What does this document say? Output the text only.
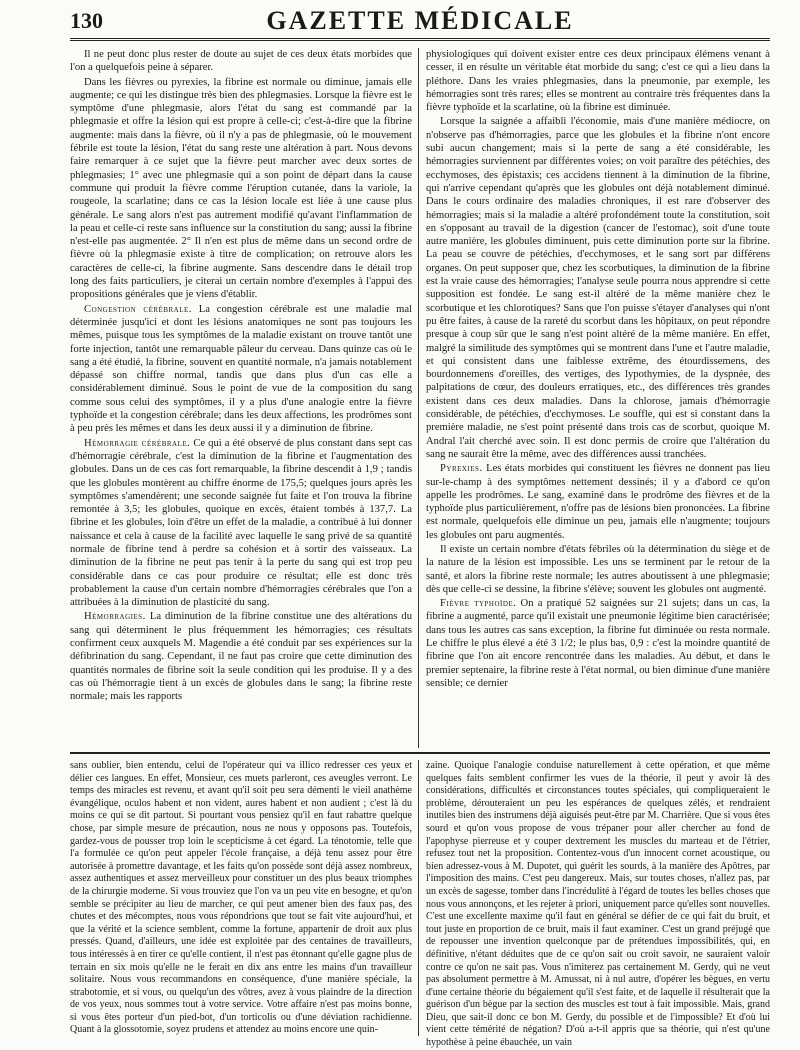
130	GAZETTE MÉDICALE

Il ne peut donc plus rester de doute au sujet de ces deux états morbides que l'on a quelquefois peine à séparer.

Dans les fièvres ou pyrexies, la fibrine est normale ou diminue, jamais elle augmente; ce qui les distingue très bien des phlegmasies. Lorsque la fièvre est le symptôme d'une phlegmasie, alors l'état du sang est commandé par la phlegmasie et offre la lésion qui est propre à celle-ci; c'est-à-dire que la fibrine augmente: mais dans la fièvre, où il n'y a pas de phlegmasie, où le mouvement fébrile est toute la lésion, l'état du sang reste une altération à part. Nous devons faire remarquer à ce sujet que la fièvre peut marcher avec deux sortes de phlegmasies; 1° avec une phlegmasie qui a son point de départ dans la cause commune qui produit la fièvre comme l'éruption cutanée, dans la variole, la rougeole, la scarlatine; dans ce cas la lésion locale est liée à une cause plus générale. Le sang alors n'est pas autrement modifié qu'avant l'inflammation de la peau et celle-ci reste sans influence sur la constitution du sang; aussi la fibrine n'est-elle pas augmentée. 2° Il n'en est plus de même dans un second ordre de fièvre où la phlegmasie existe à titre de complication; on retrouve alors les caractères de celle-ci, la fibrine augmente. Sans descendre dans le détail trop long des faits particuliers, je citerai un certain nombre d'exemples à l'appui des propositions générales que je viens d'établir.

Congestion cérébrale. La congestion cérébrale est une maladie mal déterminée jusqu'ici et dont les lésions anatomiques ne sont pas toujours les mêmes, puisque tous les symptômes de la maladie existant on trouve tantôt une forte injection, tantôt une remarquable pâleur du cerveau. Dans quinze cas où le sang a été étudié, la fibrine, souvent en quantité normale, n'a jamais notablement dépassé son chiffre normal, tandis que dans plus d'un cas elle a considérablement diminué. Sous le point de vue de la composition du sang comme sous celui des symptômes, il y a plus d'une analogie entre la fièvre typhoïde et la congestion cérébrale; dans les deux affections, les prodrômes sont à peu près les mêmes et dans les deux aussi il y a diminution de fibrine.

Hémorragie cérébrale. Ce qui a été observé de plus constant dans sept cas d'hémorragie cérébrale, c'est la diminution de la fibrine et l'augmentation des globules. Dans un de ces cas fort remarquable, la fibrine descendit à 1,9 ; tandis que les globules montèrent au chiffre énorme de 175,5; quelques jours après les symptômes s'amendèrent; une seconde saignée fut faite et l'on trouva la fibrine remontée à 3,5; les globules, quoique en excès, étaient tombés à 137,7. La fibrine et les globules, loin d'être un effet de la maladie, a contribué à lui donner naissance et cela à cause de la facilité avec laquelle le sang privé de sa quantité normale de fibrine tend à perdre sa cohésion et à sortir des vaisseaux. La diminution de la fibrine ne peut pas tenir à la perte du sang qui est trop peu considérable dans ce cas pour produire ce résultat; elle est donc très probablement la cause d'un certain nombre d'hémorragies cérébrales que l'on a attribuées à la diminution de plasticité du sang.

Hémorragies. La diminution de la fibrine constitue une des altérations du sang qui déterminent le plus fréquemment les hémorragies; ces résultats confirment ceux auxquels M. Magendie a été conduit par ses expériences sur la défibrination du sang. Cependant, il ne faut pas croire que cette diminution des quantités normales de fibrine soit la seule condition qui les produise. Il y a des cas où l'hémorragie tient à un excès de globules dans le sang; la fibrine reste normale; mais les rapports

physiologiques qui doivent exister entre ces deux principaux élémens venant à cesser, il en résulte un véritable état morbide du sang; c'est ce qui a lieu dans la pléthore. Dans les vraies phlegmasies, dans la pneumonie, par exemple, les hémorragies sont très rares; elles se montrent au contraire très fréquentes dans la fièvre typhoïde et la scarlatine, où la fibrine est diminuée.

Lorsque la saignée a affaibli l'économie, mais d'une manière médiocre, on n'observe pas d'hémorragies, parce que les globules et la fibrine n'ont encore subi aucun changement; mais si la perte de sang a été considérable, les hémorragies surviennent par différentes voies; on voit paraître des pétéchies, des ecchymoses, des épistaxis; ces accidens tiennent à la diminution de la fibrine, qui n'arrive cependant qu'après que les globules ont déjà notablement diminué. Dans le cours ordinaire des maladies chroniques, il est rare d'observer des hémorragies; mais si la maladie a altéré profondément toute la constitution, soit en s'opposant au travail de la digestion (cancer de l'estomac), soit d'une toute autre manière, les globules diminuent, puis cette diminution porte sur la fibrine. La peau se couvre de pétéchies, d'ecchymoses, et le sang sort par différens organes. On peut supposer que, chez les scorbutiques, la diminution de la fibrine est la vraie cause des hémorragies; l'analyse seule pourra nous apprendre si cette supposition est fondée. Le sang est-il altéré de la même manière chez le scorbutique et les chlorotiques? Sans que l'on puisse s'étayer d'analyses qui n'ont pu être faites, à cause de la rareté du scorbut dans les hôpitaux, on peut répondre presque à coup sûr que le sang n'est point altéré de la même manière. En effet, malgré la similitude des symptômes qui se montrent dans l'une et l'autre maladie, et qui consistent dans une faiblesse extrême, des étourdissemens, des bourdonnemens d'oreilles, des vertiges, des lypothymies, de la dyspnée, des palpitations de cœur, des douleurs erratiques, etc., des différences très grandes existent dans ces deux maladies. Dans la chlorose, jamais d'hémorragie considérable, de pétéchies, d'ecchymoses. Le souffle, qui est si constant dans la première maladie, ne s'est point présenté dans trois cas de scorbut, quoique M. Andral l'ait cherché avec soin. Il est donc permis de croire que l'altération du sang ne saurait être la même, avec des différences aussi tranchées.

Pyrexies. Les états morbides qui constituent les fièvres ne donnent pas lieu sur-le-champ à des symptômes nettement dessinés; il y a d'abord ce qu'on appelle les prodrômes. Le sang, examiné dans le prodrôme des fièvres et de la typhoïde plus particulièrement, n'offre pas de lésions bien prononcées. La fibrine est normale, quelquefois elle diminue un peu, jamais elle n'augmente; toujours les globules ont paru augmentés.

Il existe un certain nombre d'états fébriles où la détermination du siège et de la nature de la lésion est impossible. Les uns se terminent par le retour de la santé, et alors la fibrine reste normale; les autres aboutissent à une phlegmasie; dès que celle-ci se dessine, la fibrine s'élève; souvent les globules ont augmenté.

Fièvre typhoïde. On a pratiqué 52 saignées sur 21 sujets; dans un cas, la fibrine a augmenté, parce qu'il existait une pneumonie légitime bien caractérisée; dans tous les autres cas sans exception, la fibrine fut diminuée ou resta normale. Le chiffre le plus élevé a été 3 1/2; le plus bas, 0,9 : c'est la moindre quantité de fibrine que l'on ait encore rencontrée dans les maladies. Au début, et dans le premier septenaire, la fibrine reste à l'état normal, ou bien diminue d'une manière sensible; ce dernier

sans oublier, bien entendu, celui de l'opérateur qui va illico redresser ces yeux et délier ces langues. En effet, Monsieur, ces muets parleront, ces aveugles verront. Le temps des miracles est revenu, et avant qu'il soit peu sera démenti le vieil anathème évangélique, oculos habent et non vident, aures habent et non audient ; c'est là du moins ce qui se dit partout. Si pourtant vous pensiez qu'il en faut rabattre quelque chose, par simple mesure de précaution, nous ne nous y opposons pas. Toutefois, gardez-vous de pousser trop loin le scepticisme à cet égard. La ténotomie, telle que l'a formulée ce qu'on peut appeler l'école française, a déjà tenu assez pour être autorisée à promettre davantage, et les faits qu'on possède sont déjà assez nombreux, assez authentiques et assez merveilleux pour constituer un des plus beaux triomphes de la chirurgie moderne. Si vous trouviez que l'on va un peu vite en besogne, et qu'on semble se précipiter au lieu de marcher, ce qui peut amener bien des faux pas, des chutes et des mécomptes, nous vous répondrions que tout se fait vite aujourd'hui, et que la vérité et la science semblent, comme la fortune, appartenir de droit aux plus pressés. Quand, d'ailleurs, une idée est exploitée par des centaines de travailleurs, tous intéressés à en tirer ce qu'elle contient, il n'est pas étonnant qu'elle gagne plus de terrain en six mois qu'elle ne le ferait en dix ans entre les mains d'un travailleur solitaire. Nous vous recommandons en conséquence, d'une manière spéciale, la strabotomie, et si vous, ou quelqu'un des vôtres, avez à vous plaindre de la direction de vos yeux, nous sommes tout à votre service. Votre affaire n'est pas moins bonne, si vous êtes porteur d'un pied-bot, d'un torticolis ou d'une déviation rachidienne. Quant à la glossotomie, soyez prudens et attendez au moins encore une quin-

zaine. Quoique l'analogie conduise naturellement à cette opération, et que même quelques faits semblent confirmer les vues de la théorie, il peut y avoir là des considérations, difficultés et circonstances toutes spéciales, qui compliqueraient le problème, dérouteraient un peu les espérances de quelques zélés, et rendraient inutiles bien des instrumens déjà aiguisés peut-être par M. Charrière. Que si vous êtes sourd et qu'on vous propose de vous trépaner pour aller chercher au fond de l'apophyse pierreuse et y couper dextrement les muscles du marteau et de l'étrier, refusez tout net la proposition. Contentez-vous d'un innocent cornet acoustique, ou bien adressez-vous à M. Dupotet, qui guérit les sourds, à la manière des Apôtres, par l'imposition des mains. C'est peu dangereux. Mais, sur toutes choses, n'allez pas, par un excès de sagesse, tomber dans l'incrédulité à l'égard de toutes les belles choses que nous vous annonçons, et les rejeter à priori, uniquement parce qu'elles sont nouvelles. C'est une excellente maxime qu'il faut en général se défier de ce qui fait du bruit, et tout juste en proportion de ce bruit, mais il faut examiner. C'est un grand préjugé que de repousser une invention quelconque par de prétendues impossibilités, qui, en définitive, n'étant déduites que de ce qu'on sait ou croit savoir, ne sauraient valoir contre ce qu'on ne sait pas. Vous n'imiterez pas certainement M. Gerdy, qui ne veut pas absolument permettre à M. Amussat, ni à nul autre, d'opérer les bègues, en vertu d'une certaine théorie du bégaiement qu'il s'est faite, et de laquelle il résulterait que la guérison d'un bègue par la section des muscles est tout à fait impossible. Mais, grand Dieu, que sait-il donc ce bon M. Gerdy, du possible et de l'impossible? Et d'où lui vient cette témérité de négation? D'où a-t-il appris que sa théorie, qui n'est qu'une hypothèse à peine ébauchée, un vain
